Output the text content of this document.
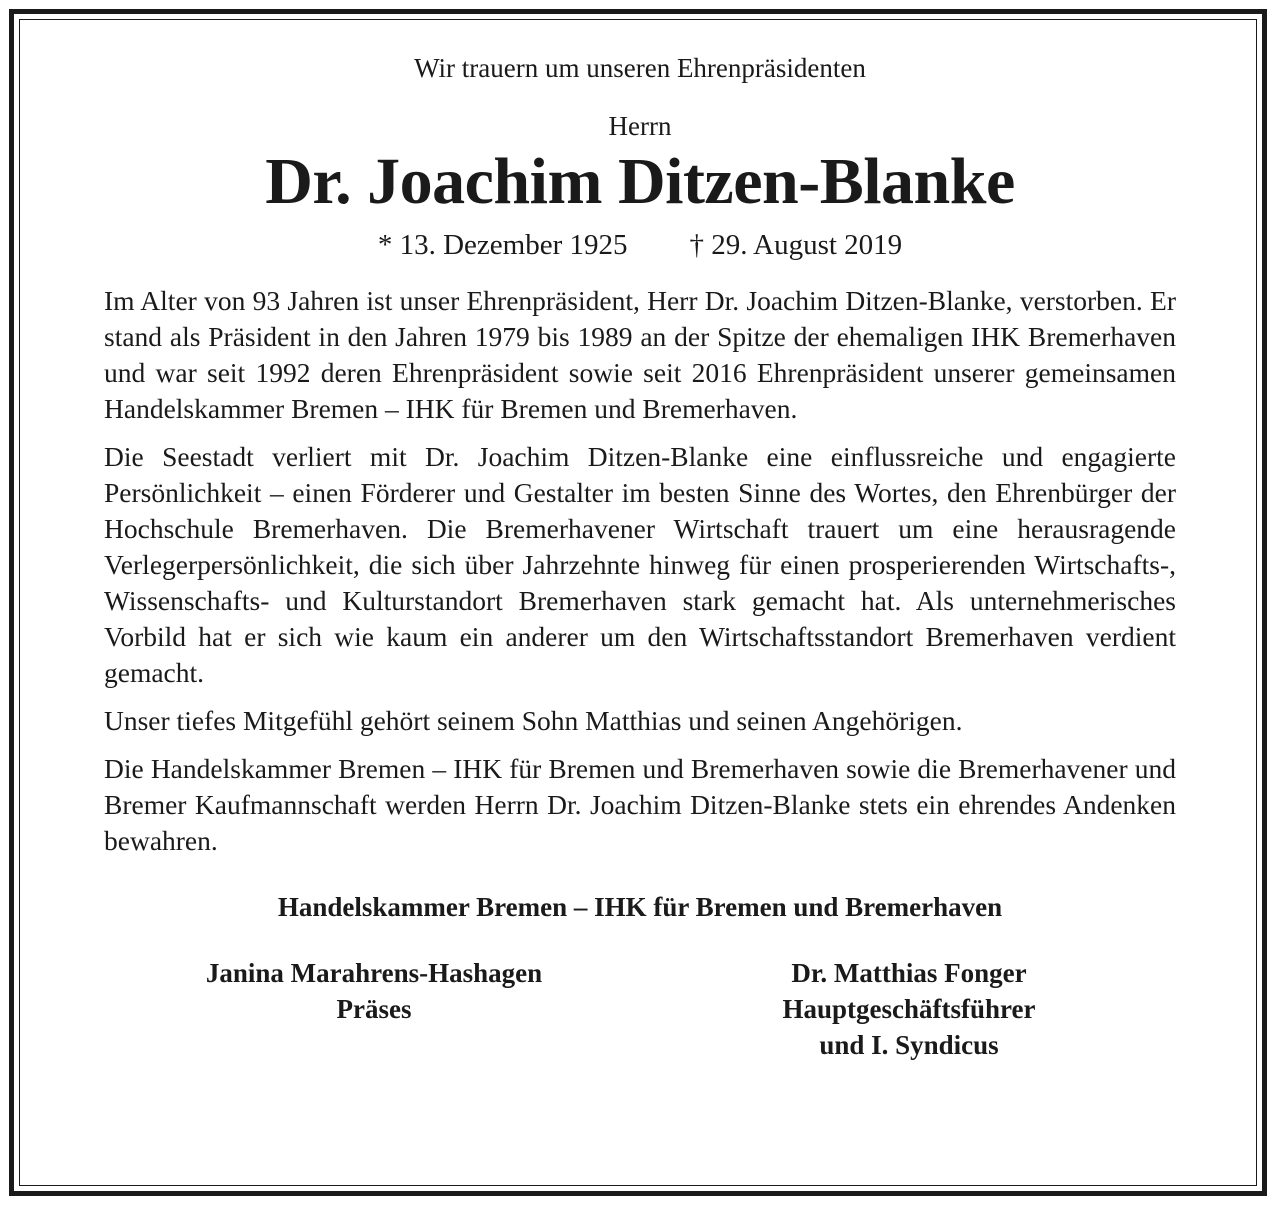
Wir trauern um unseren Ehrenpräsidenten

Herrn

Dr. Joachim Ditzen-Blanke

* 13. Dezember 1925 † 29. August 2019

Im Alter von 93 Jahren ist unser Ehrenpräsident, Herr Dr. Joachim Ditzen-Blanke, verstorben. Er stand als Präsident in den Jahren 1979 bis 1989 an der Spitze der ehemaligen IHK Bremerhaven und war seit 1992 deren Ehrenpräsident sowie seit 2016 Ehrenpräsident unserer gemeinsamen Handelskammer Bremen – IHK für Bremen und Bremerhaven.

Die Seestadt verliert mit Dr. Joachim Ditzen-Blanke eine einflussreiche und engagierte Persönlichkeit – einen Förderer und Gestalter im besten Sinne des Wortes, den Ehrenbürger der Hochschule Bremerhaven. Die Bremerhavener Wirtschaft trauert um eine herausragende Verlegerpersönlichkeit, die sich über Jahrzehnte hinweg für einen prosperierenden Wirtschafts-, Wissenschafts- und Kulturstandort Bremerhaven stark gemacht hat. Als unternehmerisches Vorbild hat er sich wie kaum ein anderer um den Wirtschaftsstandort Bremerhaven verdient gemacht.

Unser tiefes Mitgefühl gehört seinem Sohn Matthias und seinen Angehörigen.

Die Handelskammer Bremen – IHK für Bremen und Bremerhaven sowie die Bremerhavener und Bremer Kaufmannschaft werden Herrn Dr. Joachim Ditzen-Blanke stets ein ehrendes Andenken bewahren.

Handelskammer Bremen – IHK für Bremen und Bremerhaven

Janina Marahrens-Hashagen
Präses
Dr. Matthias Fonger
Hauptgeschäftsführer
und I. Syndicus
